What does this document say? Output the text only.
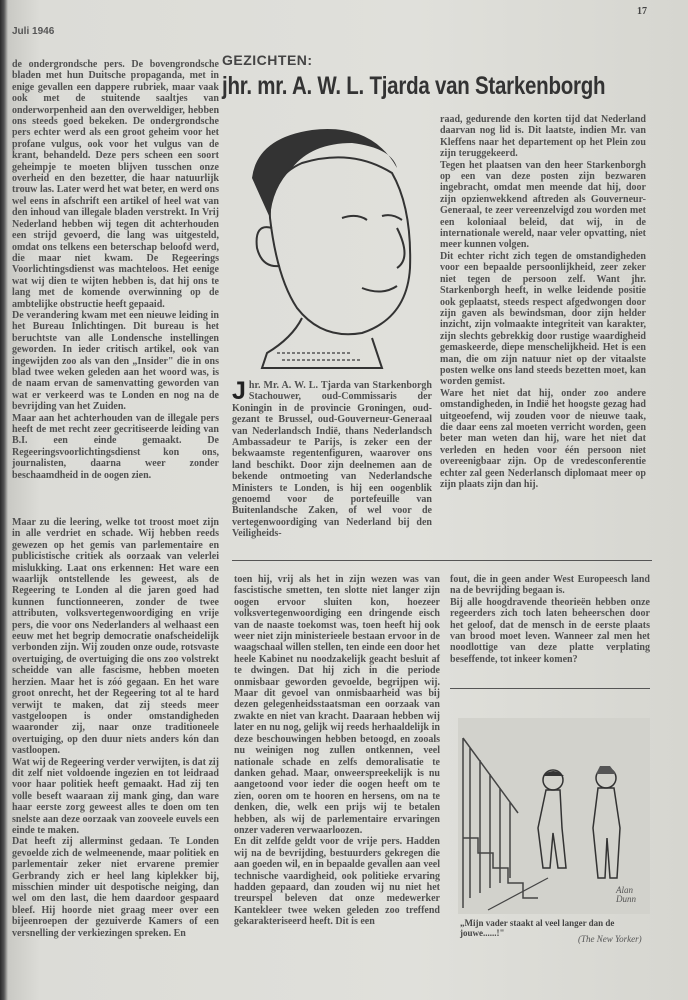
Juli 1946
17

de ondergrondsche pers. De bovengrondsche bladen met hun Duitsche propaganda, met in enige gevallen een dappere rubriek, maar vaak ook met de stuitende saaltjes van onderworpenheid aan den overweldiger, hebben ons steeds goed bekeken. De ondergrondsche pers echter werd als een groot geheim voor het profane vulgus, ook voor het vulgus van de krant, behandeld. Deze pers scheen een soort geheimpje te moeten blijven tusschen onze overheid en den bezetter, die haar natuurlijk trouw las. Later werd het wat beter, en werd ons wel eens in afschrift een artikel of heel wat van den inhoud van illegale bladen verstrekt. In Vrij Nederland hebben wij tegen dit achterhouden een strijd gevoerd, die lang was uitgesteld, omdat ons telkens een beterschap beloofd werd, die maar niet kwam. De Regeerings Voorlichtingsdienst was machteloos. Het eenige wat wij dien te wijten hebben is, dat hij ons te lang met de komende overwinning op de ambtelijke obstructie heeft gepaaid.

De verandering kwam met een nieuwe leiding in het Bureau Inlichtingen. Dit bureau is het beruchtste van alle Londensche instellingen geworden. In ieder critisch artikel, ook van ingewijden zoo als van den „Insider" die in ons blad twee weken geleden aan het woord was, is de naam ervan de samenvatting geworden van wat er verkeerd was te Londen en nog na de bevrijding van het Zuiden.

Maar aan het achterhouden van de illegale pers heeft de met recht zeer gecritiseerde leiding van B.I. een einde gemaakt. De Regeeringsvoorlichtingsdienst kon ons, journalisten, daarna weer zonder beschaamdheid in de oogen zien.

Maar zu die leering, welke tot troost moet zijn in alle verdriet en schade. Wij hebben reeds gewezen op het gemis van parlementaire en publicistische critiek als oorzaak van velerlei mislukking. Laat ons erkennen: Het ware een waarlijk ontstellende les geweest, als de Regeering te Londen al die jaren goed had kunnen functionneeren, zonder de twee attributen, volksvertegenwoordiging en vrije pers, die voor ons Nederlanders al welhaast een eeuw met het begrip democratie onafscheidelijk verbonden zijn. Wij zouden onze oude, rotsvaste overtuiging, de overtuiging die ons zoo volstrekt scheidde van alle fascisme, hebben moeten herzien. Maar het is zóó gegaan. En het ware groot onrecht, het der Regeering tot al te hard verwijt te maken, dat zij steeds meer vastgeloopen is onder omstandigheden waaronder zij, naar onze traditioneele overtuiging, op den duur niets anders kón dan vastloopen.

Wat wij de Regeering verder verwijten, is dat zij dit zelf niet voldoende ingezien en tot leidraad voor haar politiek heeft gemaakt. Had zij ten volle beseft waaraan zij mank ging, dan ware haar eerste zorg geweest alles te doen om ten snelste aan deze oorzaak van zooveele euvels een einde te maken.

Dat heeft zij allerminst gedaan. Te Londen gevoelde zich de welmeenende, maar politiek en parlementair zeker niet ervarene premier Gerbrandy zich er heel lang kiplekker bij, misschien minder uit despotische neiging, dan wel om den last, die hem daardoor gespaard bleef. Hij hoorde niet graag meer over een bijeenroepen der gezuiverde Kamers of een versnelling der verkiezingen spreken. En

GEZICHTEN:
jhr. mr. A. W. L. Tjarda van Starkenborgh
Jhr. Mr. A. W. L. Tjarda van Starkenborgh Stachouwer, oud-Commissaris der Koningin in de provincie Groningen, oud-gezant te Brussel, oud-Gouverneur-Generaal van Nederlandsch Indië, thans Nederlandsch Ambassadeur te Parijs, is zeker een der bekwaamste regentenfiguren, waarover ons land beschikt. Door zijn deelnemen aan de bekende ontmoeting van Nederlandsche Ministers te Londen, is hij een oogenblik genoemd voor de portefeuille van Buitenlandsche Zaken, of wel voor de vertegenwoordiging van Nederland bij den Veiligheids-

raad, gedurende den korten tijd dat Nederland daarvan nog lid is. Dit laatste, indien Mr. van Kleffens naar het departement op het Plein zou zijn teruggekeerd.

Tegen het plaatsen van den heer Starkenborgh op een van deze posten zijn bezwaren ingebracht, omdat men meende dat hij, door zijn opzienwekkend aftreden als Gouverneur-Generaal, te zeer vereenzelvigd zou worden met een koloniaal beleid, dat wij, in de internationale wereld, naar veler opvatting, niet meer kunnen volgen.

Dit echter richt zich tegen de omstandigheden voor een bepaalde persoonlijkheid, zeer zeker niet tegen de persoon zelf. Want jhr. Starkenborgh heeft, in welke leidende positie ook geplaatst, steeds respect afgedwongen door zijn gaven als bewindsman, door zijn helder inzicht, zijn volmaakte integriteit van karakter, zijn slechts gebrekkig door rustige waardigheid gemaskeerde, diepe menschelijkheid. Het is een man, die om zijn natuur niet op der vitaalste posten welke ons land steeds bezetten moet, kan worden gemist.

Ware het niet dat hij, onder zoo andere omstandigheden, in Indië het hoogste gezag had uitgeoefend, wij zouden voor de nieuwe taak, die daar eens zal moeten verricht worden, geen beter man weten dan hij, ware het niet dat verleden en heden voor één persoon niet overeenigbaar zijn. Op de vredesconferentie echter zal geen Nederlansch diplomaat meer op zijn plaats zijn dan hij.

toen hij, vrij als het in zijn wezen was van fascistische smetten, ten slotte niet langer zijn oogen ervoor sluiten kon, hoezeer volksvertegenwoordiging een dringende eisch van de naaste toekomst was, toen heeft hij ook weer niet zijn ministerieele bestaan ervoor in de waagschaal willen stellen, ten einde een door het heele Kabinet nu noodzakelijk geacht besluit af te dwingen. Dat hij zich in die periode onmisbaar geworden gevoelde, begrijpen wij. Maar dit gevoel van onmisbaarheid was bij dezen gelegenheidsstaatsman een oorzaak van zwakte en niet van kracht. Daaraan hebben wij later en nu nog, gelijk wij reeds herhaaldelijk in deze beschouwingen hebben betoogd, en zooals nu weinigen nog zullen ontkennen, veel nationale schade en zelfs demoralisatie te danken gehad. Maar, onweerspreekelijk is nu aangetoond voor ieder die oogen heeft om te zien, ooren om te hooren en hersens, om na te denken, die, welk een prijs wij te betalen hebben, als wij de parlementaire ervaringen onzer vaderen verwaarloozen.

En dit zelfde geldt voor de vrije pers. Hadden wij na de bevrijding, bestuurders gekregen die aan goeden wil, en in bepaalde gevallen aan veel technische vaardigheid, ook politieke ervaring hadden gepaard, dan zouden wij nu niet het treurspel beleven dat onze medewerker Kantekleer twee weken geleden zoo treffend gekarakteriseerd heeft. Dit is een

fout, die in geen ander West Europeesch land na de bevrijding begaan is.

Bij alle hoogdravende theorieën hebben onze regeerders zich toch laten beheerschen door het geloof, dat de mensch in de eerste plaats van brood moet leven. Wanneer zal men het noodlottige van deze platte verplating beseffende, tot inkeer komen?

Alan Dunn
„Mijn vader staakt al veel langer dan de jouwe......!"
(The New Yorker)
